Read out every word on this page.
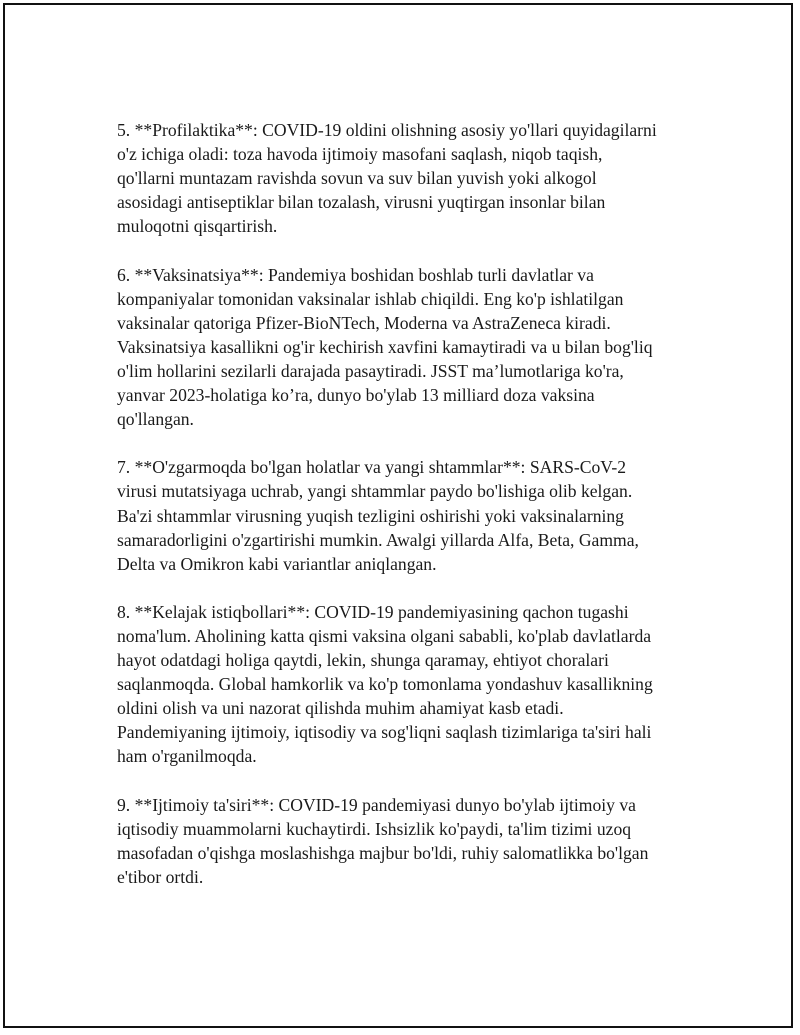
5. **Profilaktika**: COVID-19 oldini olishning asosiy yo'llari quyidagilarni
o'z ichiga oladi: toza havoda ijtimoiy masofani saqlash, niqob taqish,
qo'llarni muntazam ravishda sovun va suv bilan yuvish yoki alkogol
asosidagi antiseptiklar bilan tozalash, virusni yuqtirgan insonlar bilan
muloqotni qisqartirish.

6. **Vaksinatsiya**: Pandemiya boshidan boshlab turli davlatlar va
kompaniyalar tomonidan vaksinalar ishlab chiqildi. Eng ko'p ishlatilgan
vaksinalar qatoriga Pfizer-BioNTech, Moderna va AstraZeneca kiradi.
Vaksinatsiya kasallikni og'ir kechirish xavfini kamaytiradi va u bilan bog'liq
o'lim hollarini sezilarli darajada pasaytiradi. JSST ma’lumotlariga ko'ra,
yanvar 2023-holatiga ko’ra, dunyo bo'ylab 13 milliard doza vaksina
qo'llangan.

7. **O'zgarmoqda bo'lgan holatlar va yangi shtammlar**: SARS-CoV-2
virusi mutatsiyaga uchrab, yangi shtammlar paydo bo'lishiga olib kelgan.
Ba'zi shtammlar virusning yuqish tezligini oshirishi yoki vaksinalarning
samaradorligini o'zgartirishi mumkin. Awalgi yillarda Alfa, Beta, Gamma,
Delta va Omikron kabi variantlar aniqlangan.

8. **Kelajak istiqbollari**: COVID-19 pandemiyasining qachon tugashi
noma'lum. Aholining katta qismi vaksina olgani sababli, ko'plab davlatlarda
hayot odatdagi holiga qaytdi, lekin, shunga qaramay, ehtiyot choralari
saqlanmoqda. Global hamkorlik va ko'p tomonlama yondashuv kasallikning
oldini olish va uni nazorat qilishda muhim ahamiyat kasb etadi.
Pandemiyaning ijtimoiy, iqtisodiy va sog'liqni saqlash tizimlariga ta'siri hali
ham o'rganilmoqda.

9. **Ijtimoiy ta'siri**: COVID-19 pandemiyasi dunyo bo'ylab ijtimoiy va
iqtisodiy muammolarni kuchaytirdi. Ishsizlik ko'paydi, ta'lim tizimi uzoq
masofadan o'qishga moslashishga majbur bo'ldi, ruhiy salomatlikka bo'lgan
e'tibor ortdi.
